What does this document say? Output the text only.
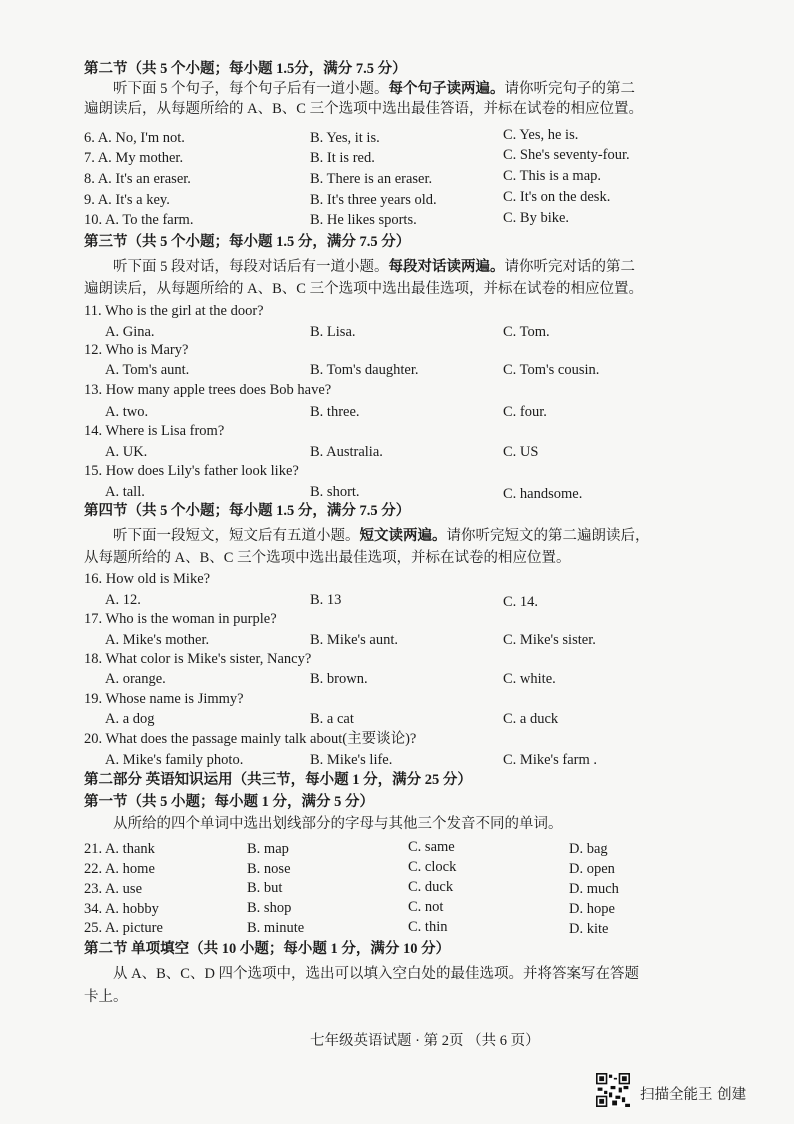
第二节（共 5 个小题；每小题 1.5分，满分 7.5 分）
听下面 5 个句子，每个句子后有一道小题。每个句子读两遍。请你听完句子的第二
遍朗读后，从每题所给的 A、B、C 三个选项中选出最佳答语，并标在试卷的相应位置。
6. A. No, I'm not.	B. Yes, it is.	C. Yes, he is.
7. A. My mother.	B. It is red.	C. She's seventy-four.
8. A. It's an eraser.	B. There is an eraser.	C. This is a map.
9. A. It's a key.	B. It's three years old.	C. It's on the desk.
10. A. To the farm.	B. He likes sports.	C. By bike.
第三节（共 5 个小题；每小题 1.5 分，满分 7.5 分）
听下面 5 段对话，每段对话后有一道小题。每段对话读两遍。请你听完对话的第二
遍朗读后，从每题所给的 A、B、C 三个选项中选出最佳选项，并标在试卷的相应位置。
11. Who is the girl at the door?
A. Gina.	B. Lisa.	C. Tom.
12. Who is Mary?
A. Tom's aunt.	B. Tom's daughter.	C. Tom's cousin.
13. How many apple trees does Bob have?
A. two.	B. three.	C. four.
14. Where is Lisa from?
A. UK.	B. Australia.	C. US
15. How does Lily's father look like?
A. tall.	B. short.	C. handsome.
第四节（共 5 个小题；每小题 1.5 分，满分 7.5 分）
听下面一段短文，短文后有五道小题。短文读两遍。请你听完短文的第二遍朗读后，
从每题所给的 A、B、C 三个选项中选出最佳选项，并标在试卷的相应位置。
16. How old is Mike?
A. 12.	B. 13	C. 14.
17. Who is the woman in purple?
A. Mike's mother.	B. Mike's aunt.	C. Mike's sister.
18. What color is Mike's sister, Nancy?
A. orange.	B. brown.	C. white.
19. Whose name is Jimmy?
A. a dog	B. a cat	C. a duck
20. What does the passage mainly talk about(主要谈论)?
A. Mike's family photo.	B. Mike's life.	C. Mike's farm .
第二部分 英语知识运用（共三节，每小题 1 分，满分 25 分）
第一节（共 5 小题；每小题 1 分，满分 5 分）
从所给的四个单词中选出划线部分的字母与其他三个发音不同的单词。
21. A. thank	B. map	C. same	D. bag
22. A. home	B. nose	C. clock	D. open
23. A. use	B. but	C. duck	D. much
34. A. hobby	B. shop	C. not	D. hope
25. A. picture	B. minute	C. thin	D. kite
第二节 单项填空（共 10 小题；每小题 1 分，满分 10 分）
从 A、B、C、D 四个选项中，选出可以填入空白处的最佳选项。并将答案写在答题
卡上。
七年级英语试题 · 第 2页 （共 6 页）
扫描全能王 创建
